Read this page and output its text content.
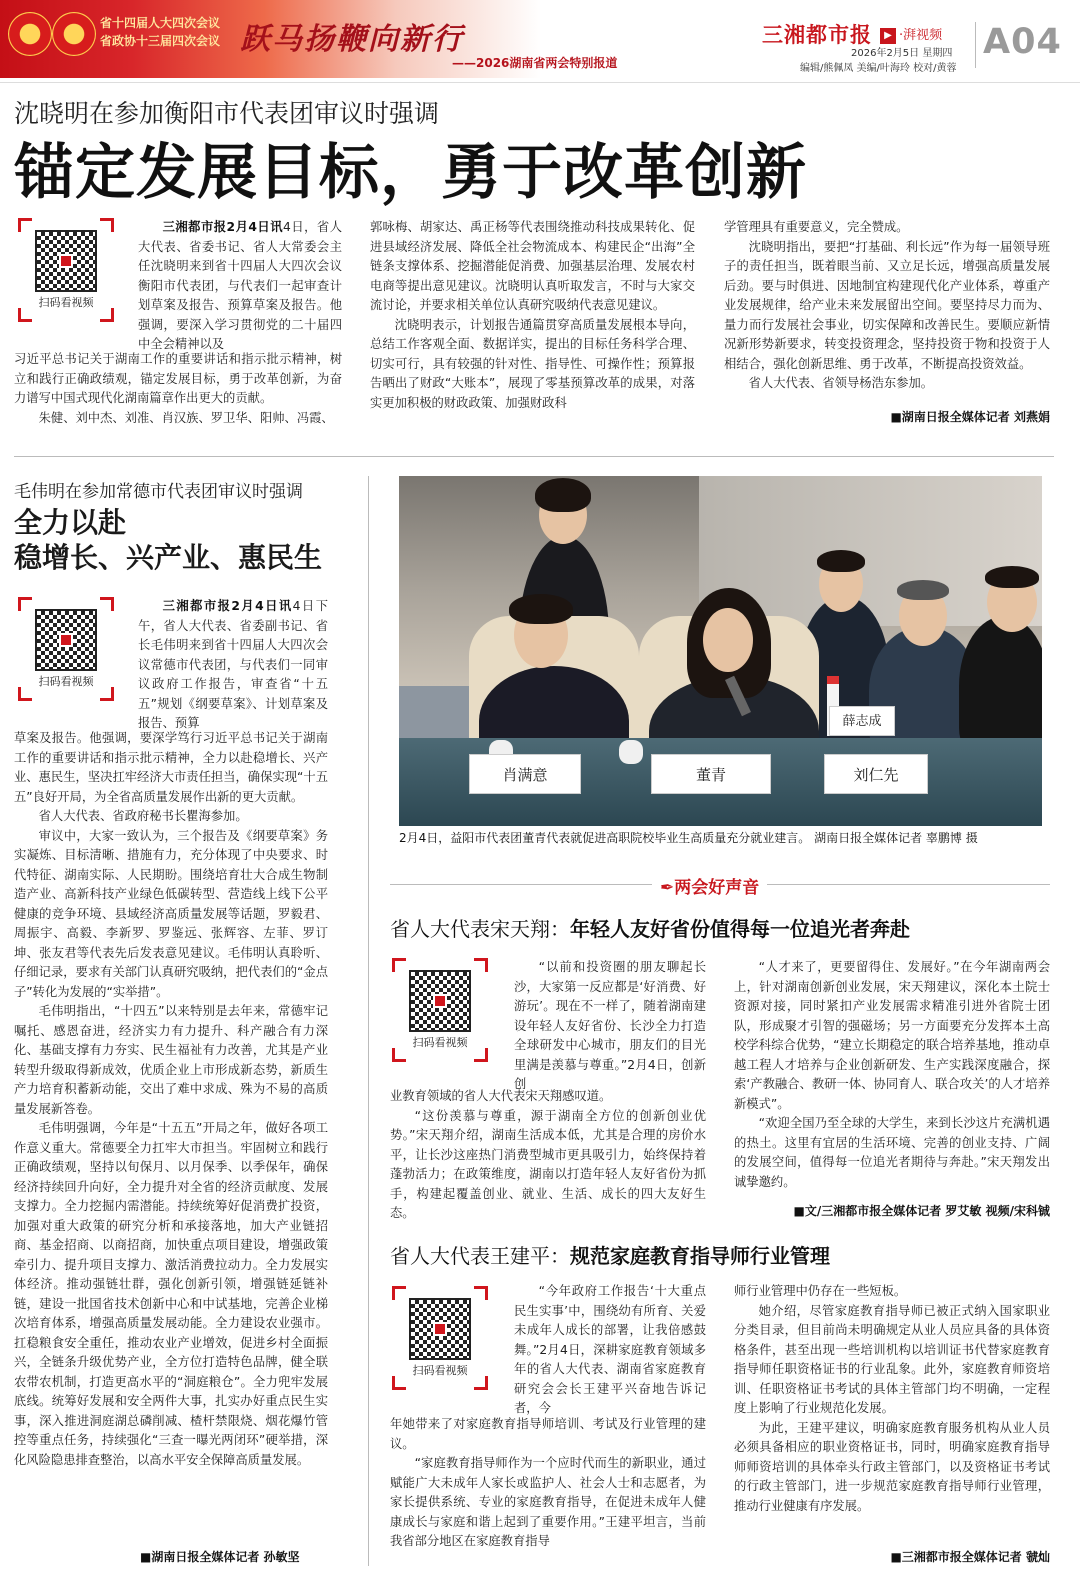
省十四届人大四次会议
省政协十三届四次会议 跃马扬鞭向新行
——2026湖南省两会特别报道
三湘都市报	▶ ·湃视频
2026年2月5日 星期四
编辑/熊佩凤 美编/叶海玲 校对/黄蓉
A04
沈晓明在参加衡阳市代表团审议时强调
锚定发展目标，勇于改革创新
扫码看视频

三湘都市报2月4日讯4日，省人大代表、省委书记、省人大常委会主任沈晓明来到省十四届人大四次会议衡阳市代表团，与代表们一起审查计划草案及报告、预算草案及报告。他强调，要深入学习贯彻党的二十届四中全会精神以及

习近平总书记关于湖南工作的重要讲话和指示批示精神，树立和践行正确政绩观，锚定发展目标，勇于改革创新，为奋力谱写中国式现代化湖南篇章作出更大的贡献。

朱健、刘中杰、刘准、肖汉族、罗卫华、阳帅、冯霞、

郭咏梅、胡家达、禹正杨等代表围绕推动科技成果转化、促进县域经济发展、降低全社会物流成本、构建民企“出海”全链条支撑体系、挖掘潜能促消费、加强基层治理、发展农村电商等提出意见建议。沈晓明认真听取发言，不时与大家交流讨论，并要求相关单位认真研究吸纳代表意见建议。

沈晓明表示，计划报告通篇贯穿高质量发展根本导向，总结工作客观全面、数据详实，提出的目标任务科学合理、切实可行，具有较强的针对性、指导性、可操作性；预算报告晒出了财政“大账本”，展现了零基预算改革的成果，对落实更加积极的财政政策、加强财政科

学管理具有重要意义，完全赞成。

沈晓明指出，要把“打基础、利长远”作为每一届领导班子的责任担当，既着眼当前、又立足长远，增强高质量发展后劲。要与时俱进、因地制宜构建现代化产业体系，尊重产业发展规律，给产业未来发展留出空间。要坚持尽力而为、量力而行发展社会事业，切实保障和改善民生。要顺应新情况新形势新要求，转变投资理念，坚持投资于物和投资于人相结合，强化创新思维、勇于改革，不断提高投资效益。

省人大代表、省领导杨浩东参加。

■湖南日报全媒体记者 刘燕娟
毛伟明在参加常德市代表团审议时强调
全力以赴
稳增长、兴产业、惠民生
扫码看视频

三湘都市报2月4日讯4日下午，省人大代表、省委副书记、省长毛伟明来到省十四届人大四次会议常德市代表团，与代表们一同审议政府工作报告，审查省“十五五”规划《纲要草案》、计划草案及报告、预算

草案及报告。他强调，要深学笃行习近平总书记关于湖南工作的重要讲话和指示批示精神，全力以赴稳增长、兴产业、惠民生，坚决扛牢经济大市责任担当，确保实现“十五五”良好开局，为全省高质量发展作出新的更大贡献。

省人大代表、省政府秘书长瞿海参加。

审议中，大家一致认为，三个报告及《纲要草案》务实凝炼、目标清晰、措施有力，充分体现了中央要求、时代特征、湖南实际、人民期盼。围绕培育壮大合成生物制造产业、高新科技产业绿色低碳转型、营造线上线下公平健康的竞争环境、县域经济高质量发展等话题，罗毅君、周振宇、高毅、李新罗、罗鉴远、张辉容、左菲、罗订坤、张友君等代表先后发表意见建议。毛伟明认真聆听、仔细记录，要求有关部门认真研究吸纳，把代表们的“金点子”转化为发展的“实举措”。

毛伟明指出，“十四五”以来特别是去年来，常德牢记嘱托、感恩奋进，经济实力有力提升、科产融合有力深化、基础支撑有力夯实、民生福祉有力改善，尤其是产业转型升级取得新成效，优质企业上市形成新态势，新质生产力培育积蓄新动能，交出了难中求成、殊为不易的高质量发展新答卷。

毛伟明强调，今年是“十五五”开局之年，做好各项工作意义重大。常德要全力扛牢大市担当。牢固树立和践行正确政绩观，坚持以旬保月、以月保季、以季保年，确保经济持续回升向好，全力提升对全省的经济贡献度、发展支撑力。全力挖掘内需潜能。持续统筹好促消费扩投资，加强对重大政策的研究分析和承接落地，加大产业链招商、基金招商、以商招商，加快重点项目建设，增强政策牵引力、提升项目支撑力、激活消费拉动力。全力发展实体经济。推动强链壮群，强化创新引领，增强链延链补链，建设一批国省技术创新中心和中试基地，完善企业梯次培育体系，增强高质量发展动能。全力建设农业强市。扛稳粮食安全重任，推动农业产业增效，促进乡村全面振兴，全链条升级优势产业，全方位打造特色品牌，健全联农带农机制，打造更高水平的“洞庭粮仓”。全力兜牢发展底线。统筹好发展和安全两件大事，扎实办好重点民生实事，深入推进洞庭湖总磷削减、楂杆禁限烧、烟花爆竹管控等重点任务，持续强化“三查一曝光两闭环”硬举措，深化风险隐患排查整治，以高水平安全保障高质量发展。

■湖南日报全媒体记者 孙敏坚
肖满意	董青	刘仁先
薛志成
2月4日，益阳市代表团董青代表就促进高职院校毕业生高质量充分就业建言。 湖南日报全媒体记者 辜鹏博 摄
✒两会好声音
省人大代表宋天翔：年轻人友好省份值得每一位追光者奔赴
扫码看视频

“以前和投资圈的朋友聊起长沙，大家第一反应都是‘好消费、好游玩’。现在不一样了，随着湖南建设年轻人友好省份、长沙全力打造全球研发中心城市，朋友们的目光里满是羡慕与尊重。”2月4日，创新创

业教育领域的省人大代表宋天翔感叹道。

“这份羡慕与尊重，源于湖南全方位的创新创业优势。”宋天翔介绍，湖南生活成本低，尤其是合理的房价水平，让长沙这座热门消费型城市更具吸引力，始终保持着蓬勃活力；在政策维度，湖南以打造年轻人友好省份为抓手，构建起覆盖创业、就业、生活、成长的四大友好生态。

“人才来了，更要留得住、发展好。”在今年湖南两会上，针对湖南创新创业发展，宋天翔建议，深化本土院士资源对接，同时紧扣产业发展需求精准引进外省院士团队，形成聚才引智的强磁场；另一方面要充分发挥本土高校学科综合优势，“建立长期稳定的联合培养基地，推动卓越工程人才培养与企业创新研发、生产实践深度融合，探索‘产教融合、教研一体、协同育人、联合攻关’的人才培养新模式”。

“欢迎全国乃至全球的大学生，来到长沙这片充满机遇的热土。这里有宜居的生活环境、完善的创业支持、广阔的发展空间，值得每一位追光者期待与奔赴。”宋天翔发出诚挚邀约。

■文/三湘都市报全媒体记者 罗艾敏 视频/宋科铖
省人大代表王建平：规范家庭教育指导师行业管理
扫码看视频

“今年政府工作报告‘十大重点民生实事’中，围绕幼有所育、关爱未成年人成长的部署，让我倍感鼓舞。”2月4日，深耕家庭教育领域多年的省人大代表、湖南省家庭教育研究会会长王建平兴奋地告诉记者，今

年她带来了对家庭教育指导师培训、考试及行业管理的建议。

“家庭教育指导师作为一个应时代而生的新职业，通过赋能广大未成年人家长或监护人、社会人士和志愿者，为家长提供系统、专业的家庭教育指导，在促进未成年人健康成长与家庭和谐上起到了重要作用。”王建平坦言，当前我省部分地区在家庭教育指导

师行业管理中仍存在一些短板。

她介绍，尽管家庭教育指导师已被正式纳入国家职业分类目录，但目前尚未明确规定从业人员应具备的具体资格条件，甚至出现一些培训机构以培训证书代替家庭教育指导师任职资格证书的行业乱象。此外，家庭教育师资培训、任职资格证书考试的具体主管部门均不明确，一定程度上影响了行业规范化发展。

为此，王建平建议，明确家庭教育服务机构从业人员必须具备相应的职业资格证书，同时，明确家庭教育指导师师资培训的具体牵头行政主管部门，以及资格证书考试的行政主管部门，进一步规范家庭教育指导师行业管理，推动行业健康有序发展。

■三湘都市报全媒体记者 虢灿
